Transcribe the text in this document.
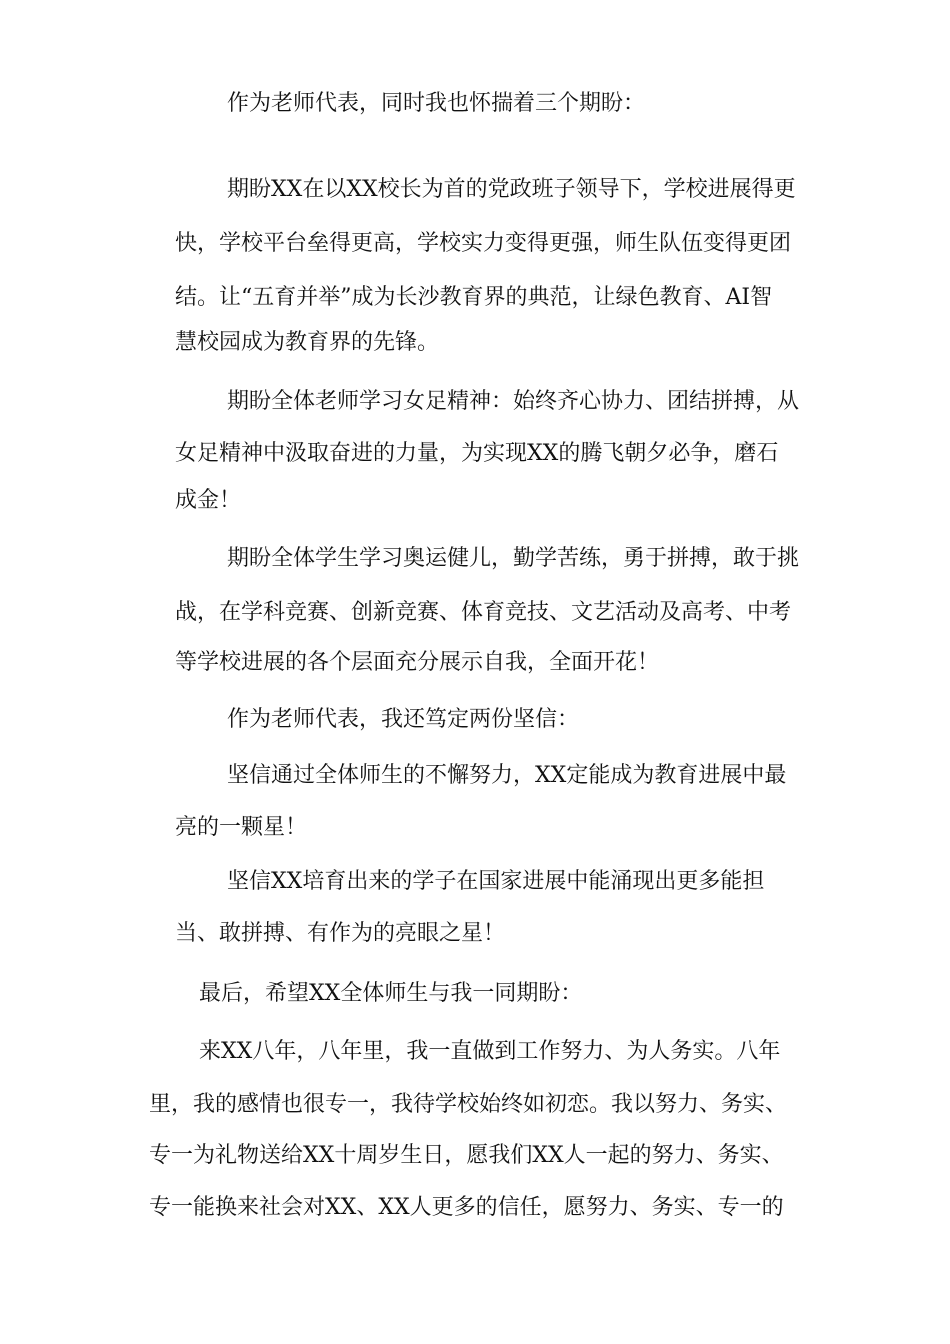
作为老师代表，同时我也怀揣着三个期盼：

期盼XX在以XX校长为首的党政班子领导下，学校进展得更

快，学校平台垒得更高，学校实力变得更强，师生队伍变得更团

结。让“五育并举”成为长沙教育界的典范，让绿色教育、AI智

慧校园成为教育界的先锋。

期盼全体老师学习女足精神：始终齐心协力、团结拼搏，从

女足精神中汲取奋进的力量，为实现XX的腾飞朝夕必争，磨石

成金！

期盼全体学生学习奥运健儿，勤学苦练，勇于拼搏，敢于挑

战，在学科竞赛、创新竞赛、体育竞技、文艺活动及高考、中考

等学校进展的各个层面充分展示自我，全面开花！

作为老师代表，我还笃定两份坚信：

坚信通过全体师生的不懈努力，XX定能成为教育进展中最

亮的一颗星！

坚信XX培育出来的学子在国家进展中能涌现出更多能担

当、敢拼搏、有作为的亮眼之星！

最后，希望XX全体师生与我一同期盼：

来XX八年，八年里，我一直做到工作努力、为人务实。八年

里，我的感情也很专一，我待学校始终如初恋。我以努力、务实、

专一为礼物送给XX十周岁生日，愿我们XX人一起的努力、务实、

专一能换来社会对XX、XX人更多的信任，愿努力、务实、专一的
